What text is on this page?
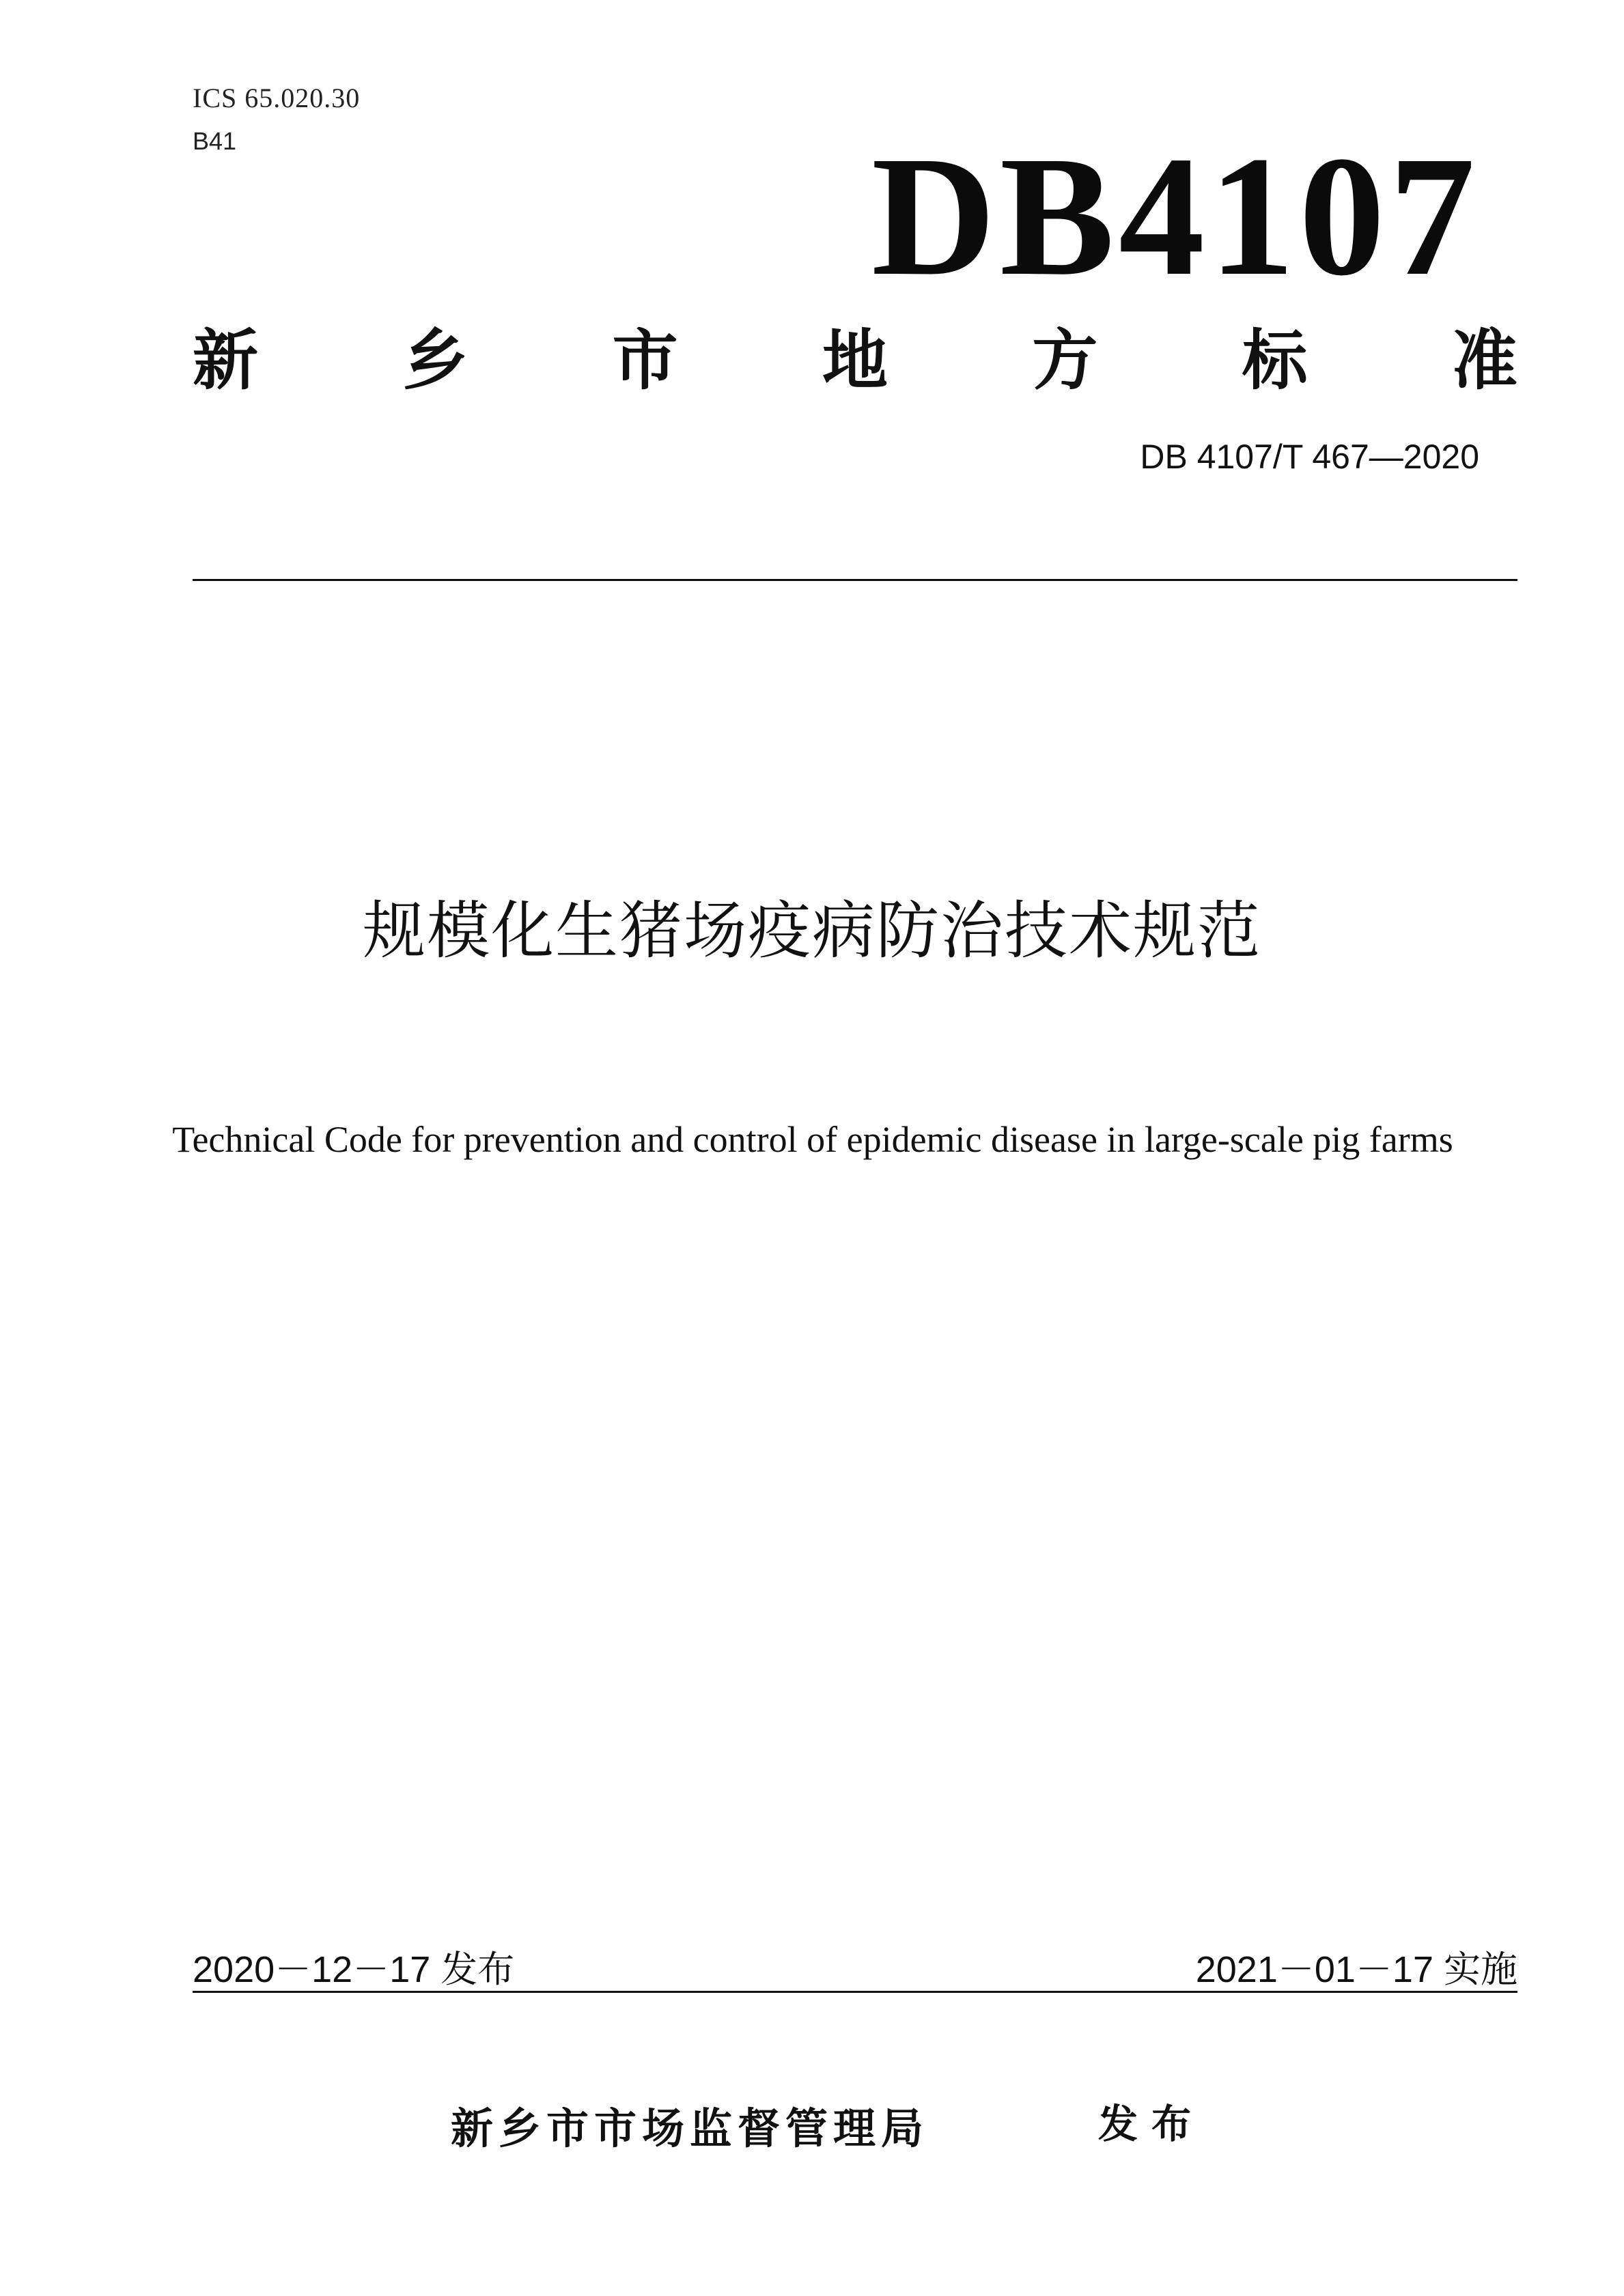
ICS 65.020.30
B41	DB4107
新 乡 市 地 方 标 准
DB 4107/T 467—2020
规模化生猪场疫病防治技术规范
Technical Code for prevention and control of epidemic disease in large-scale pig farms
2020－12－17 发布	2021－01－17 实施
新乡市市场监督管理局	发布
